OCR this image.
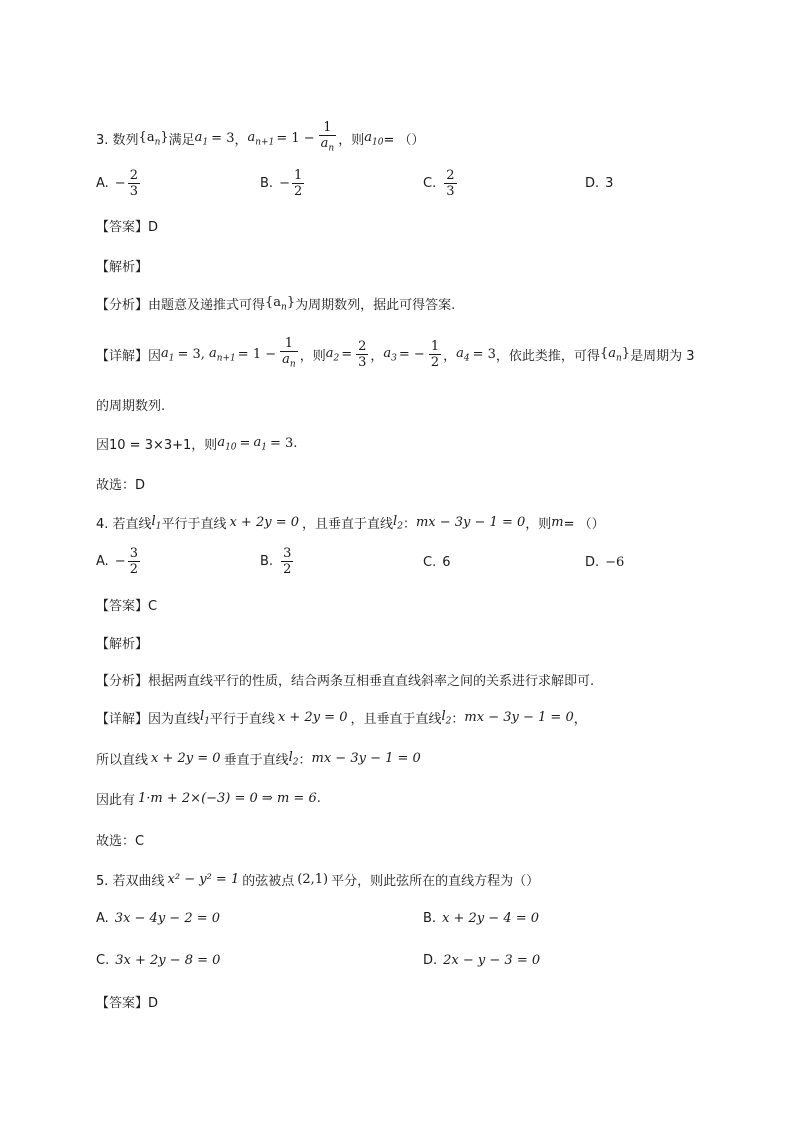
3. 数列 $\{a_n\}$ 满足 $a_1 = 3$ ， $a_{n+1} = 1 - \frac{1}{a_n}$ ，则 $a_{10}$ = （）
A. − $\frac{2}{3}$	B. − $\frac{1}{2}$	C. $\frac{2}{3}$	D. 3
【答案】D
【解析】
【分析】由题意及递推式可得 $\{a_n\}$ 为周期数列，据此可得答案.
【详解】因 $a_1 = 3$, $a_{n+1} = 1 - \frac{1}{a_n}$ ，则 $a_2 = \frac{2}{3}$ ， $a_3$ = − $\frac{1}{2}$ ， $a_4 = 3$ ，依此类推，可得 $\{a_n\}$ 是周期为 3
的周期数列.
因10 = 3×3+1，则 $a_{10} = a_1 = 3$.
故选：D
4. 若直线 $l_1$ 平行于直线 x + 2y = 0 ，且垂直于直线 $l_2$ ： mx − 3y − 1 = 0 ，则 m = （）
A. − $\frac{3}{2}$	B. $\frac{3}{2}$	C. 6	D. −6
【答案】C
【解析】
【分析】根据两直线平行的性质，结合两条互相垂直直线斜率之间的关系进行求解即可.
【详解】因为直线 $l_1$ 平行于直线 x + 2y = 0 ，且垂直于直线 $l_2$ ： mx − 3y − 1 = 0 ，
所以直线 x + 2y = 0 垂直于直线 $l_2$ ： mx − 3y − 1 = 0
因此有 1·m + 2×(−3) = 0 ⇒ m = 6 .
故选：C
5. 若双曲线 x² − y² = 1 的弦被点 (2,1) 平分，则此弦所在的直线方程为（）
A. 3x − 4y − 2 = 0	B. x + 2y − 4 = 0
C. 3x + 2y − 8 = 0	D. 2x − y − 3 = 0
【答案】D
